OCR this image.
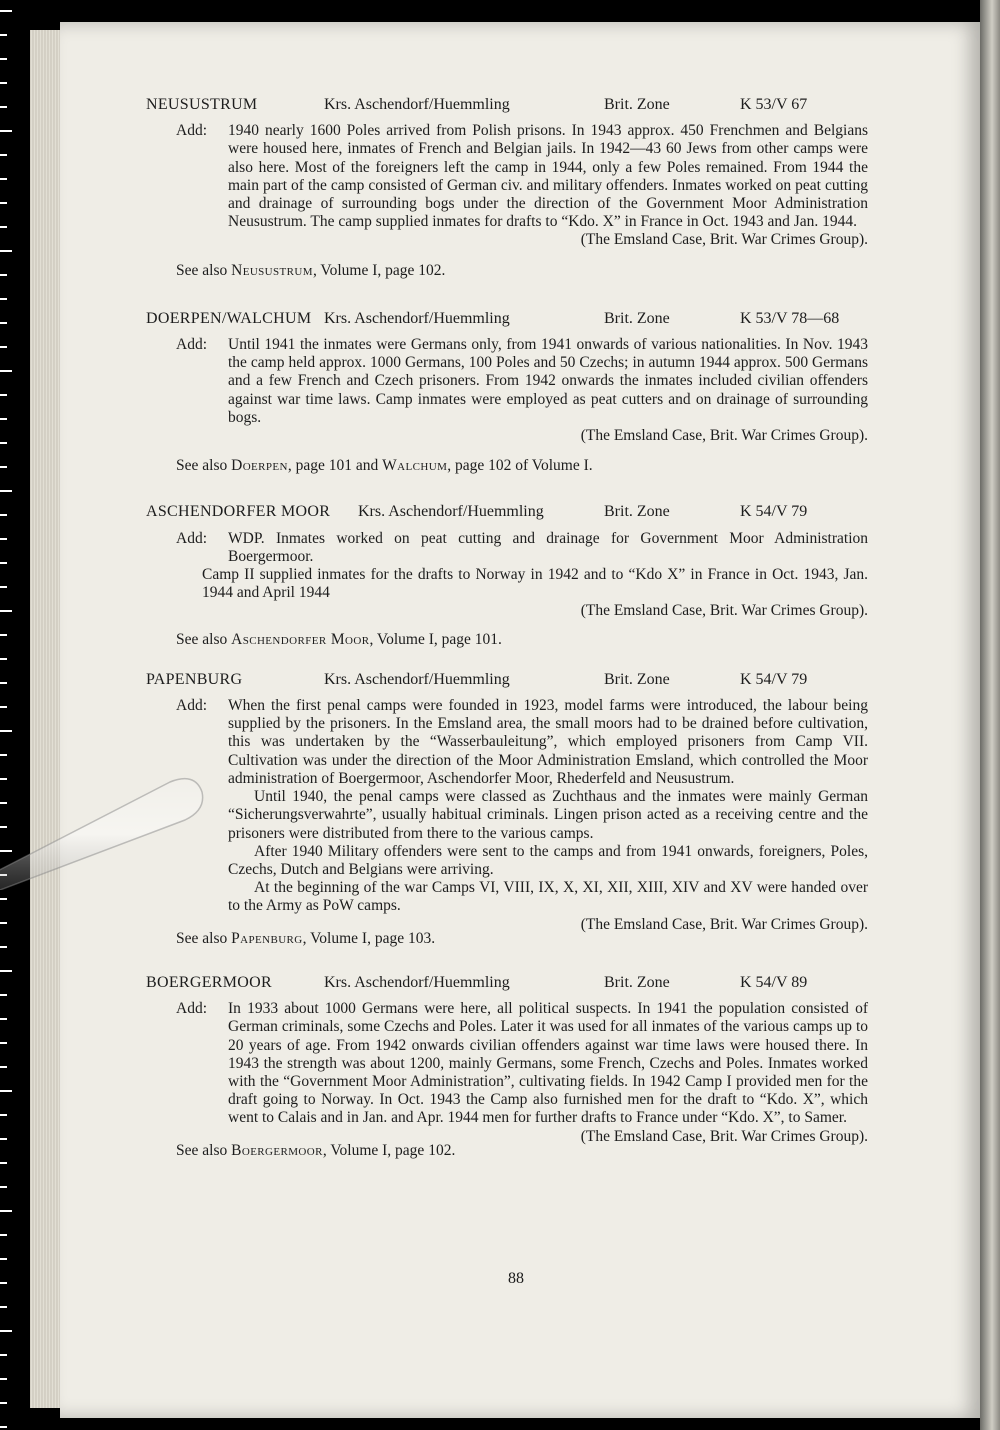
NEUSUSTRUM	Krs. Aschendorf/Huemmling	Brit. Zone	K 53/V 67
Add:	1940 nearly 1600 Poles arrived from Polish prisons. In 1943 approx. 450 Frenchmen and Belgians were housed here, inmates of French and Belgian jails. In 1942—43 60 Jews from other camps were also here. Most of the foreigners left the camp in 1944, only a few Poles remained. From 1944 the main part of the camp consisted of German civ. and military offenders. Inmates worked on peat cutting and drainage of surrounding bogs under the direction of the Government Moor Administration Neusustrum. The camp supplied inmates for drafts to “Kdo. X” in France in Oct. 1943 and Jan. 1944.

(The Emsland Case, Brit. War Crimes Group).
See also Neusustrum, Volume I, page 102.
DOERPEN/WALCHUM Krs. Aschendorf/Huemmling	Brit. Zone	K 53/V 78—68
Add:	Until 1941 the inmates were Germans only, from 1941 onwards of various nationalities. In Nov. 1943 the camp held approx. 1000 Germans, 100 Poles and 50 Czechs; in autumn 1944 approx. 500 Germans and a few French and Czech prisoners. From 1942 onwards the inmates included civilian offenders against war time laws. Camp inmates were employed as peat cutters and on drainage of surrounding bogs.

(The Emsland Case, Brit. War Crimes Group).
See also Doerpen, page 101 and Walchum, page 102 of Volume I.
ASCHENDORFER MOOR	Krs. Aschendorf/Huemmling	Brit. Zone	K 54/V 79
Add:	WDP. Inmates worked on peat cutting and drainage for Government Moor Administration Boergermoor.

Camp II supplied inmates for the drafts to Norway in 1942 and to “Kdo X” in France in Oct. 1943, Jan. 1944 and April 1944

(The Emsland Case, Brit. War Crimes Group).
See also Aschendorfer Moor, Volume I, page 101.
PAPENBURG	Krs. Aschendorf/Huemmling	Brit. Zone	K 54/V 79
Add:	When the first penal camps were founded in 1923, model farms were introduced, the labour being supplied by the prisoners. In the Emsland area, the small moors had to be drained before cultivation, this was undertaken by the “Wasserbauleitung”, which employed prisoners from Camp VII. Cultivation was under the direction of the Moor Administration Emsland, which controlled the Moor administration of Boergermoor, Aschendorfer Moor, Rhederfeld and Neusustrum.

Until 1940, the penal camps were classed as Zuchthaus and the inmates were mainly German “Sicherungsverwahrte”, usually habitual criminals. Lingen prison acted as a receiving centre and the prisoners were distributed from there to the various camps.

After 1940 Military offenders were sent to the camps and from 1941 onwards, foreigners, Poles, Czechs, Dutch and Belgians were arriving.

At the beginning of the war Camps VI, VIII, IX, X, XI, XII, XIII, XIV and XV were handed over to the Army as PoW camps.

(The Emsland Case, Brit. War Crimes Group).
See also Papenburg, Volume I, page 103.
BOERGERMOOR	Krs. Aschendorf/Huemmling	Brit. Zone	K 54/V 89
Add:	In 1933 about 1000 Germans were here, all political suspects. In 1941 the population consisted of German criminals, some Czechs and Poles. Later it was used for all inmates of the various camps up to 20 years of age. From 1942 onwards civilian offenders against war time laws were housed there. In 1943 the strength was about 1200, mainly Germans, some French, Czechs and Poles. Inmates worked with the “Government Moor Administration”, cultivating fields. In 1942 Camp I provided men for the draft going to Norway. In Oct. 1943 the Camp also furnished men for the draft to “Kdo. X”, which went to Calais and in Jan. and Apr. 1944 men for further drafts to France under “Kdo. X”, to Samer.

(The Emsland Case, Brit. War Crimes Group).
See also Boergermoor, Volume I, page 102.
88
